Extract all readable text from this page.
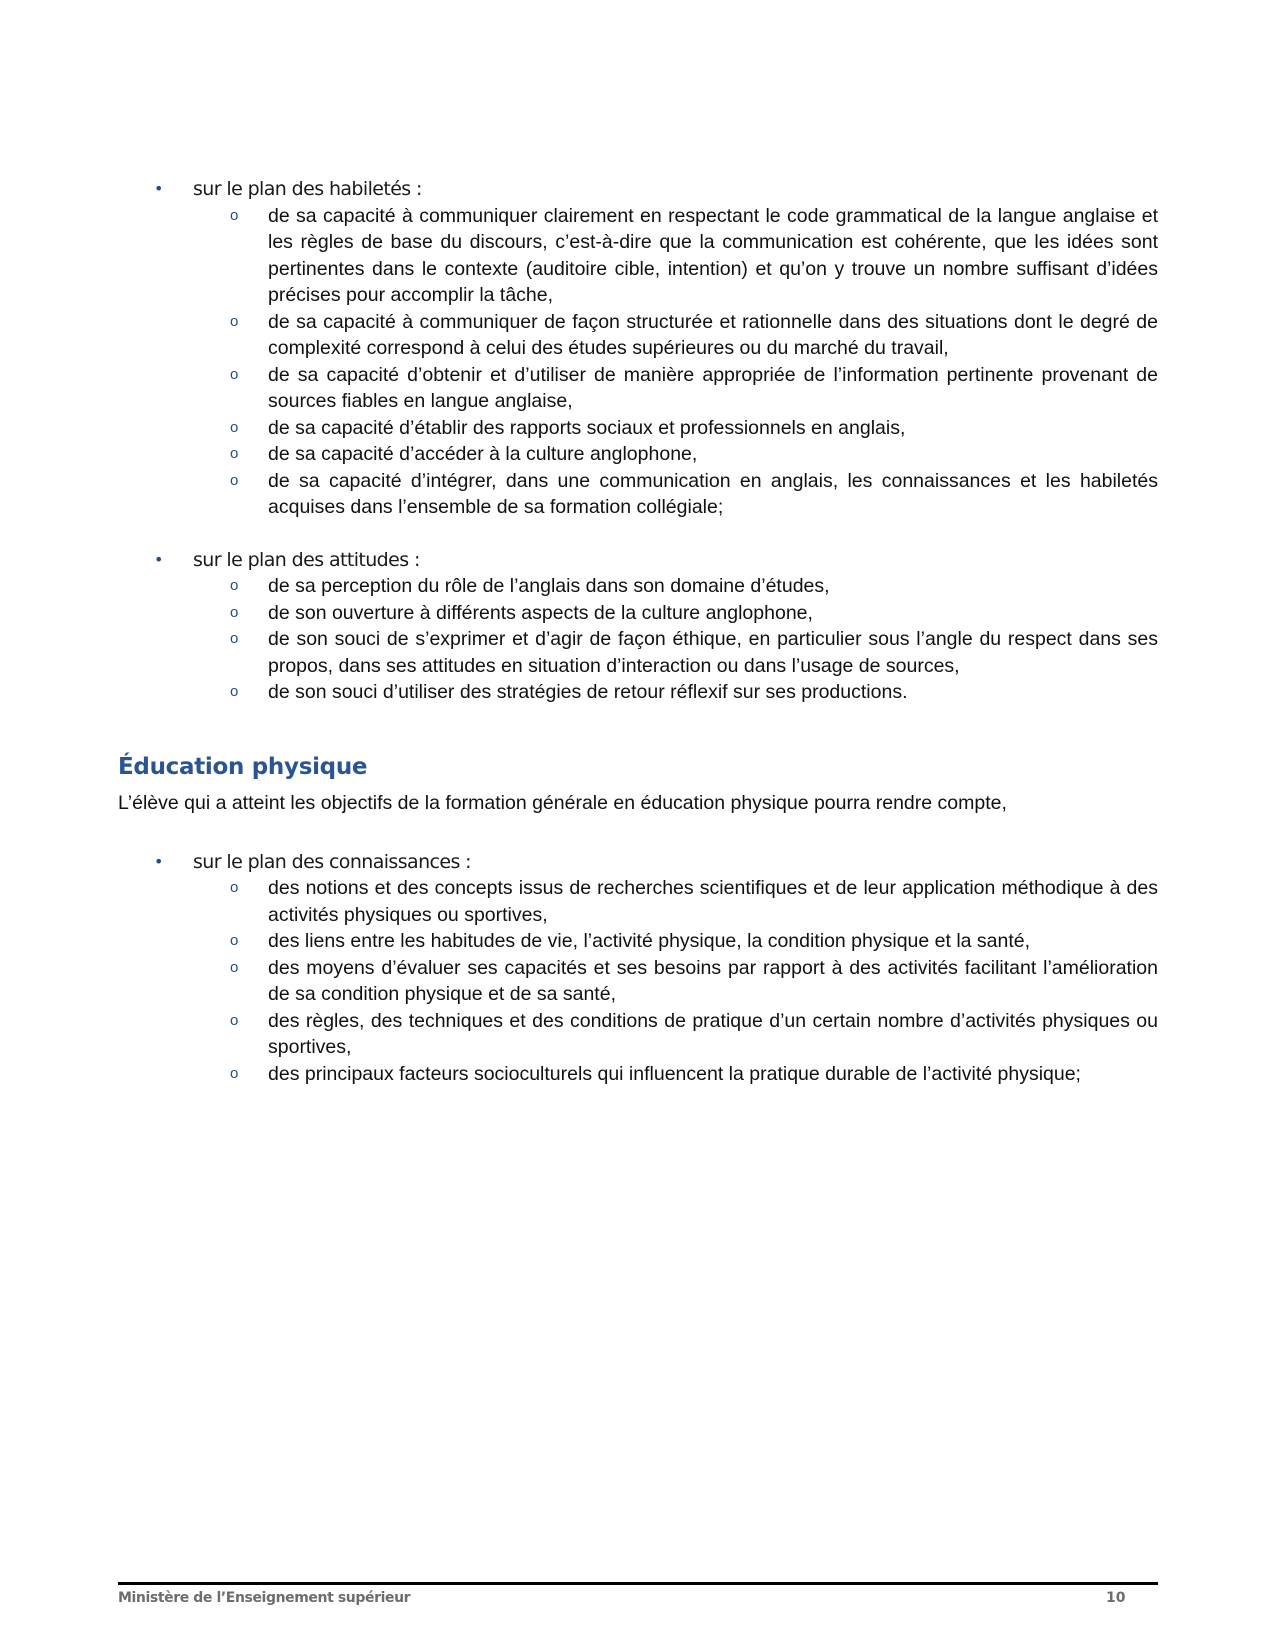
• sur le plan des habiletés :
o de sa capacité à communiquer clairement en respectant le code grammatical de la langue anglaise et les règles de base du discours, c’est-à-dire que la communication est cohérente, que les idées sont pertinentes dans le contexte (auditoire cible, intention) et qu’on y trouve un nombre suffisant d’idées précises pour accomplir la tâche,
o de sa capacité à communiquer de façon structurée et rationnelle dans des situations dont le degré de complexité correspond à celui des études supérieures ou du marché du travail,
o de sa capacité d’obtenir et d’utiliser de manière appropriée de l’information pertinente provenant de sources fiables en langue anglaise,
o de sa capacité d’établir des rapports sociaux et professionnels en anglais,
o de sa capacité d’accéder à la culture anglophone,
o de sa capacité d’intégrer, dans une communication en anglais, les connaissances et les habiletés acquises dans l’ensemble de sa formation collégiale;
• sur le plan des attitudes :
o de sa perception du rôle de l’anglais dans son domaine d’études,
o de son ouverture à différents aspects de la culture anglophone,
o de son souci de s’exprimer et d’agir de façon éthique, en particulier sous l’angle du respect dans ses propos, dans ses attitudes en situation d’interaction ou dans l’usage de sources,
o de son souci d’utiliser des stratégies de retour réflexif sur ses productions.
Éducation physique

L’élève qui a atteint les objectifs de la formation générale en éducation physique pourra rendre compte,

• sur le plan des connaissances :
o des notions et des concepts issus de recherches scientifiques et de leur application méthodique à des activités physiques ou sportives,
o des liens entre les habitudes de vie, l’activité physique, la condition physique et la santé,
o des moyens d’évaluer ses capacités et ses besoins par rapport à des activités facilitant l’amélioration de sa condition physique et de sa santé,
o des règles, des techniques et des conditions de pratique d’un certain nombre d’activités physiques ou sportives,
o des principaux facteurs socioculturels qui influencent la pratique durable de l’activité physique;
Ministère de l’Enseignement supérieur	10
